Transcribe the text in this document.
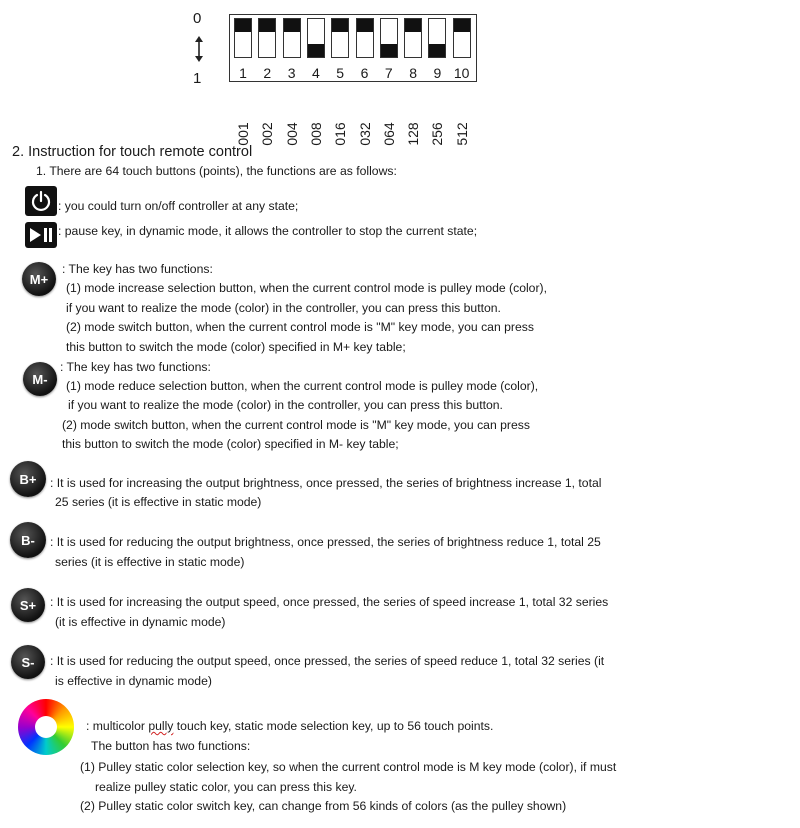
0
1	1
001
2
002
3
004
4
008
5
016
6
032
7
064
8
128
9
256
10
512
2. Instruction for touch remote control
1. There are 64 touch buttons (points), the functions are as follows:
: you could turn on/off controller at any state;
: pause key, in dynamic mode, it allows the controller to stop the current state;
M+
: The key has two functions:
(1) mode increase selection button, when the current control mode is pulley mode (color),
if you want to realize the mode (color) in the controller, you can press this button.
(2) mode switch button, when the current control mode is "M" key mode, you can press
this button to switch the mode (color) specified in M+ key table;
M-
: The key has two functions:
(1) mode reduce selection button, when the current control mode is pulley mode (color),
if you want to realize the mode (color) in the controller, you can press this button.
(2) mode switch button, when the current control mode is "M" key mode, you can press
this button to switch the mode (color) specified in M- key table;
B+	: It is used for increasing the output brightness, once pressed, the series of brightness increase 1, total
25 series (it is effective in static mode)
B-	: It is used for reducing the output brightness, once pressed, the series of brightness reduce 1, total 25
series (it is effective in static mode)
S+	: It is used for increasing the output speed, once pressed, the series of speed increase 1, total 32 series
(it is effective in dynamic mode)
S-	: It is used for reducing the output speed, once pressed, the series of speed reduce 1, total 32 series (it
is effective in dynamic mode)
: multicolor pully touch key, static mode selection key, up to 56 touch points.
The button has two functions:
(1) Pulley static color selection key, so when the current control mode is M key mode (color), if must
realize pulley static color, you can press this key.
(2) Pulley static color switch key, can change from 56 kinds of colors (as the pulley shown)
